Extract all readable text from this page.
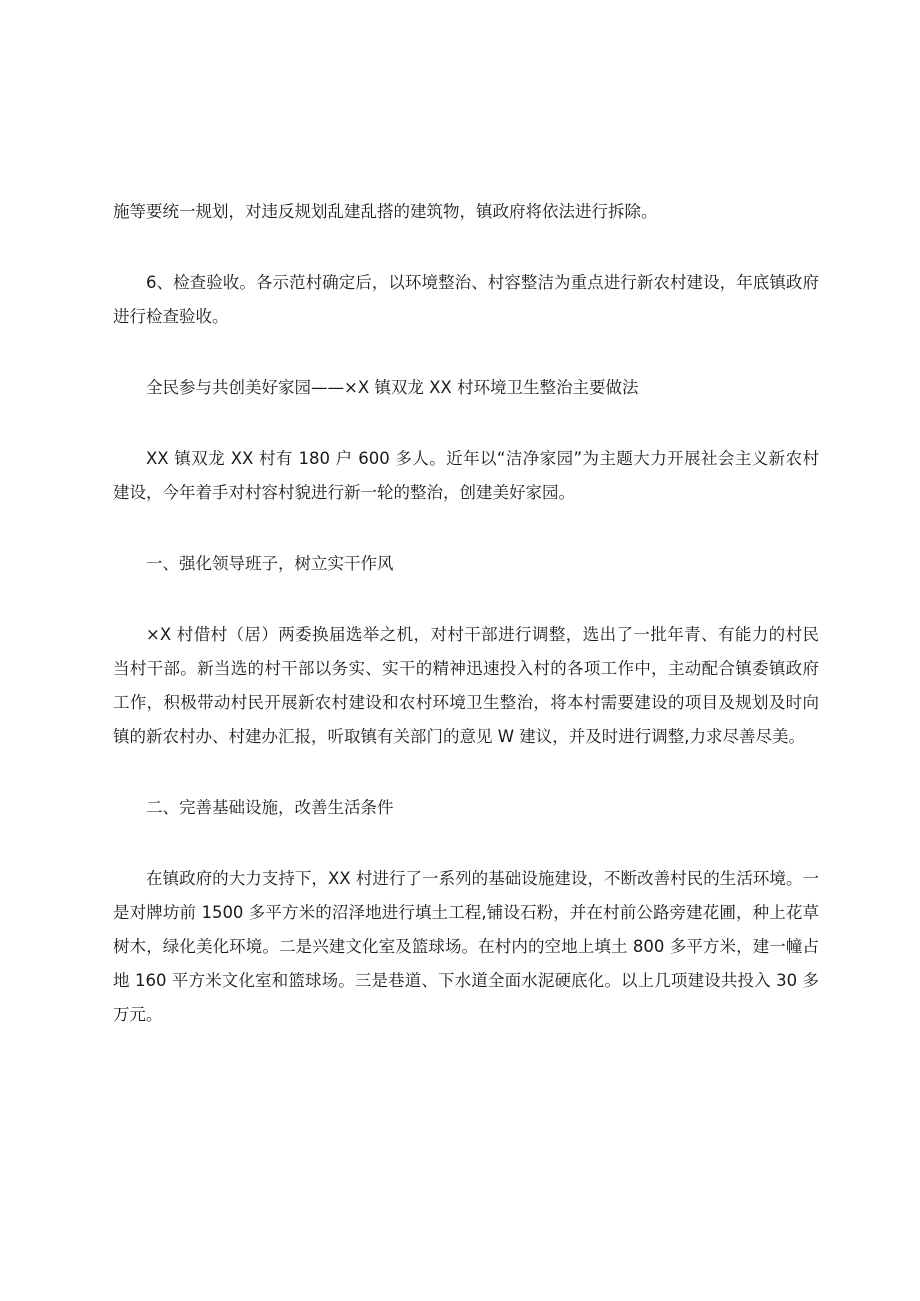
施等要统一规划，对违反规划乱建乱搭的建筑物，镇政府将依法进行拆除。

6、检查验收。各示范村确定后，以环境整治、村容整洁为重点进行新农村建设，年底镇政府进行检查验收。

全民参与共创美好家园——×X 镇双龙 XX 村环境卫生整治主要做法

XX 镇双龙 XX 村有 180 户 600 多人。近年以“洁净家园”为主题大力开展社会主义新农村建设，今年着手对村容村貌进行新一轮的整治，创建美好家园。

一、强化领导班子，树立实干作风

×X 村借村（居）两委换届选举之机，对村干部进行调整，选出了一批年青、有能力的村民当村干部。新当选的村干部以务实、实干的精神迅速投入村的各项工作中，主动配合镇委镇政府工作，积极带动村民开展新农村建设和农村环境卫生整治，将本村需要建设的项目及规划及时向镇的新农村办、村建办汇报，听取镇有关部门的意见 W 建议，并及时进行调整,力求尽善尽美。

二、完善基础设施，改善生活条件

在镇政府的大力支持下，XX 村进行了一系列的基础设施建设，不断改善村民的生活环境。一是对牌坊前 1500 多平方米的沼泽地进行填土工程,铺设石粉，并在村前公路旁建花圃，种上花草树木，绿化美化环境。二是兴建文化室及篮球场。在村内的空地上填土 800 多平方米，建一幢占地 160 平方米文化室和篮球场。三是巷道、下水道全面水泥硬底化。以上几项建设共投入 30 多万元。
